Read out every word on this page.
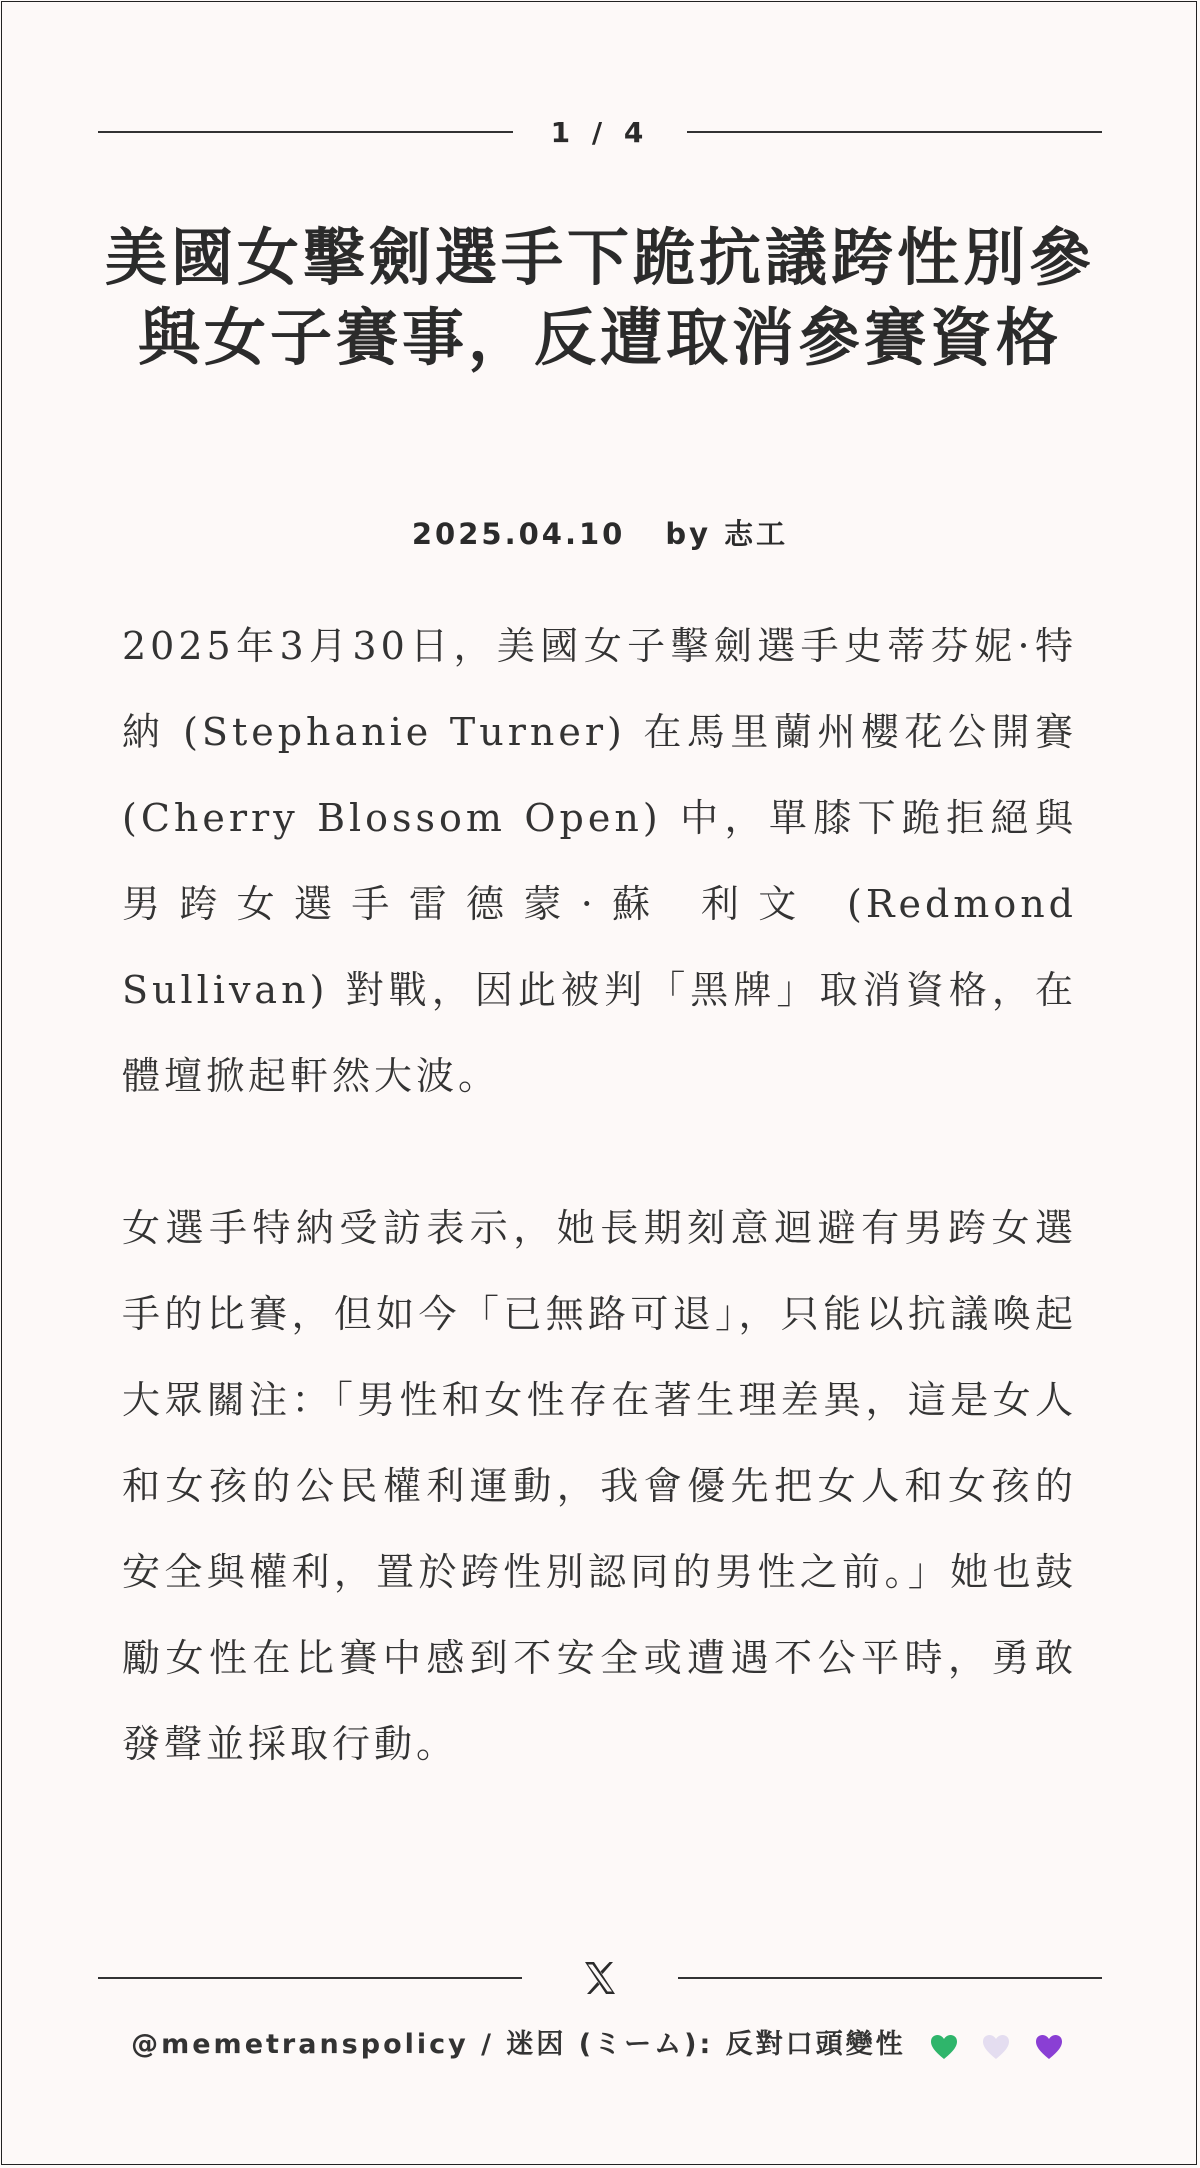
1 / 4
美國女擊劍選手下跪抗議跨性別參與女子賽事，反遭取消參賽資格
2025.04.10 by 志工

2025年3月30日，美國女子擊劍選手史蒂芬妮·特納 (Stephanie Turner) 在馬里蘭州櫻花公開賽 (Cherry Blossom Open) 中，單膝下跪拒絕與男跨女選手雷德蒙·蘇 利文 (Redmond Sullivan) 對戰，因此被判「黑牌」取消資格，在體壇掀起軒然大波。

女選手特納受訪表示，她長期刻意迴避有男跨女選手的比賽，但如今「已無路可退」，只能以抗議喚起大眾關注：「男性和女性存在著生理差異，這是女人和女孩的公民權利運動，我會優先把女人和女孩的安全與權利，置於跨性別認同的男性之前。」她也鼓勵女性在比賽中感到不安全或遭遇不公平時，勇敢發聲並採取行動。

@memetranspolicy / 迷因 (ミーム): 反對口頭變性
